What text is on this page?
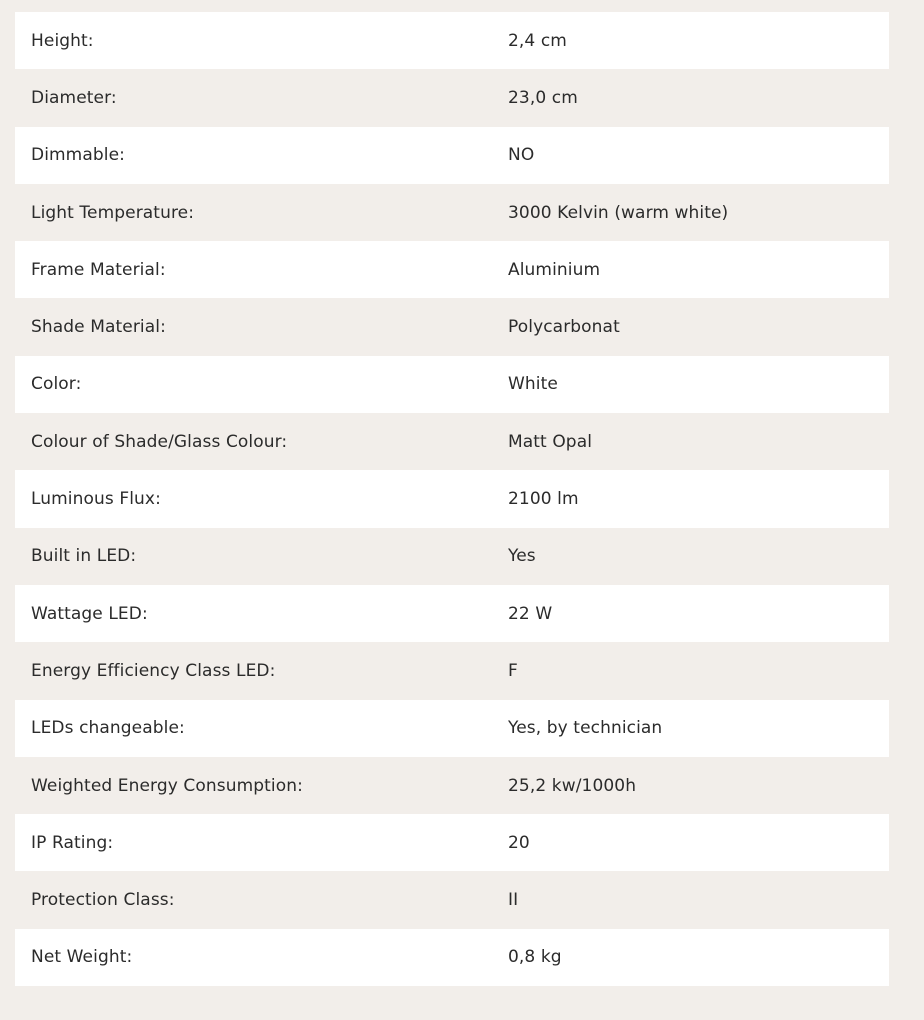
Height:	2,4 cm
Diameter:	23,0 cm
Dimmable:	NO
Light Temperature:	3000 Kelvin (warm white)
Frame Material:	Aluminium
Shade Material:	Polycarbonat
Color:	White
Colour of Shade/Glass Colour:	Matt Opal
Luminous Flux:	2100 lm
Built in LED:	Yes
Wattage LED:	22 W
Energy Efficiency Class LED:	F
LEDs changeable:	Yes, by technician
Weighted Energy Consumption:	25,2 kw/1000h
IP Rating:	20
Protection Class:	II
Net Weight:	0,8 kg
